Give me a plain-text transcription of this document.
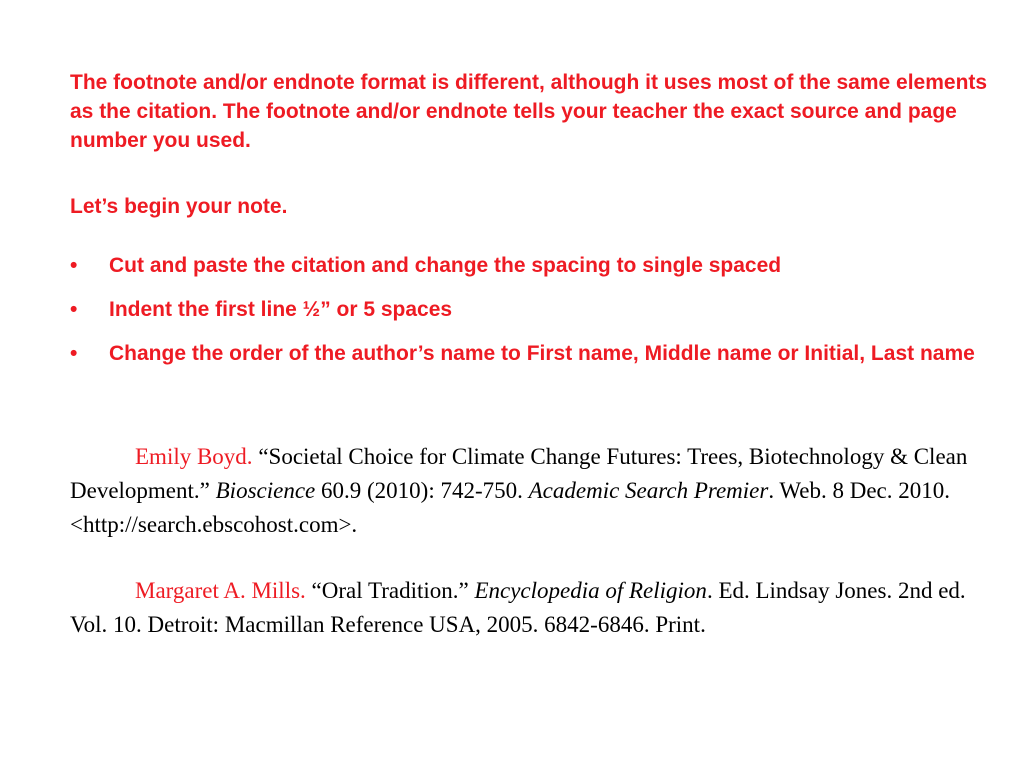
The footnote and/or endnote format is different, although it uses most of the same elements as the citation. The footnote and/or endnote tells your teacher the exact source and page number you used.

Let’s begin your note.

• Cut and paste the citation and change the spacing to single spaced
• Indent the first line ½” or 5 spaces
• Change the order of the author’s name to First name, Middle name or Initial, Last name

Emily Boyd. “Societal Choice for Climate Change Futures: Trees, Biotechnology & Clean Development.” Bioscience 60.9 (2010): 742-750. Academic Search Premier. Web. 8 Dec. 2010. <http://search.ebscohost.com>.

Margaret A. Mills. “Oral Tradition.” Encyclopedia of Religion. Ed. Lindsay Jones. 2nd ed. Vol. 10. Detroit: Macmillan Reference USA, 2005. 6842-6846. Print.
